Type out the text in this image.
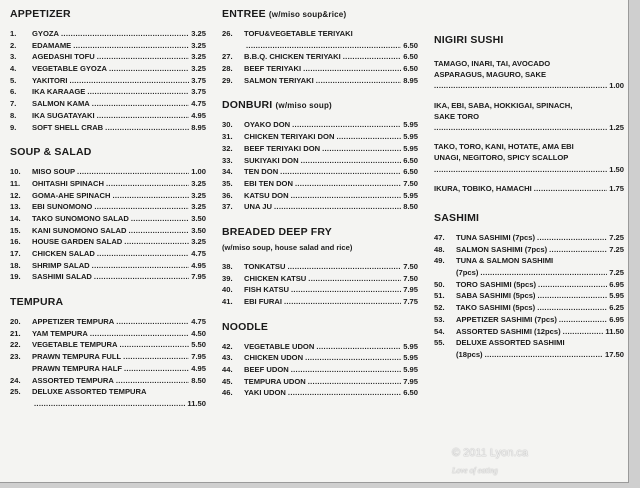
APPETIZER
1.	GYOZA .....	3.25
2.	EDAMAME .....	3.25
3.	AGEDASHI TOFU .....	3.25
4.	VEGETABLE GYOZA .....	3.25
5.	YAKITORI .....	3.75
6.	IKA KARAAGE .....	3.75
7.	SALMON KAMA .....	4.75
8.	IKA SUGATAYAKI .....	4.95
9.	SOFT SHELL CRAB .....	8.95
SOUP & SALAD
10.	MISO SOUP .....	1.00
11.	OHITASHI SPINACH .....	3.25
12.	GOMA-AHE SPINACH .....	3.25
13.	EBI SUNOMONO .....	3.25
14.	TAKO SUNOMONO SALAD .....	3.50
15.	KANI SUNOMONO SALAD .....	3.50
16.	HOUSE GARDEN SALAD .....	3.25
17.	CHICKEN SALAD .....	4.75
18.	SHRIMP SALAD .....	4.95
19.	SASHIMI SALAD .....	7.95
TEMPURA
20.	APPETIZER TEMPURA .....	4.75
21.	YAM TEMPURA .....	4.50
22.	VEGETABLE TEMPURA .....	5.50
23.	PRAWN TEMPURA FULL .....	7.95
PRAWN TEMPURA HALF .....	4.95
24.	ASSORTED TEMPURA .....	8.50
25.	DELUXE ASSORTED TEMPURA
.....
11.50
ENTREE (w/miso soup&rice)
26.	TOFU&VEGETABLE TERIYAKI
.....
6.50
27.	B.B.Q. CHICKEN TERIYAKI .....	6.50
28.	BEEF TERIYAKI .....	6.50
29.	SALMON TERIYAKI .....	8.95
DONBURI (w/miso soup)
30.	OYAKO DON .....	5.95
31.	CHICKEN TERIYAKI DON .....	5.95
32.	BEEF TERIYAKI DON .....	5.95
33.	SUKIYAKI DON .....	6.50
34.	TEN DON .....	6.50
35.	EBI TEN DON .....	7.50
36.	KATSU DON .....	5.95
37.	UNA JU .....	8.50
BREADED DEEP FRY
(w/miso soup, house salad and rice)
38.	TONKATSU .....	7.50
39.	CHICKEN KATSU .....	7.50
40.	FISH KATSU .....	7.95
41.	EBI FURAI .....	7.75
NOODLE
42.	VEGETABLE UDON .....	5.95
43.	CHICKEN UDON .....	5.95
44.	BEEF UDON .....	5.95
45.	TEMPURA UDON .....	7.95
46.	YAKI UDON .....	6.50
NIGIRI SUSHI
TAMAGO, INARI, TAI, AVOCADO
ASPARAGUS, MAGURO, SAKE
.....
1.00
IKA, EBI, SABA, HOKKIGAI, SPINACH,
SAKE TORO
.....
1.25
TAKO, TORO, KANI, HOTATE, AMA EBI
UNAGI, NEGITORO, SPICY SCALLOP
.....
1.50
IKURA, TOBIKO, HAMACHI .....	1.75
SASHIMI
47.	TUNA SASHIMI (7pcs) .....	7.25
48.	SALMON SASHIMI (7pcs) .....	7.25
49.	TUNA & SALMON SASHIMI
(7pcs) .....	7.25
50.	TORO SASHIMI (5pcs) .....	6.95
51.	SABA SASHIMI (5pcs) .....	5.95
52.	TAKO SASHIMI (5pcs) .....	6.25
53.	APPETIZER SASHIMI (7pcs) .....	6.95
54.	ASSORTED SASHIMI (12pcs) .....	11.50
55.	DELUXE ASSORTED SASHIMI
(18pcs) .....	17.50
© 2011 Lyon.ca
Love of eating
